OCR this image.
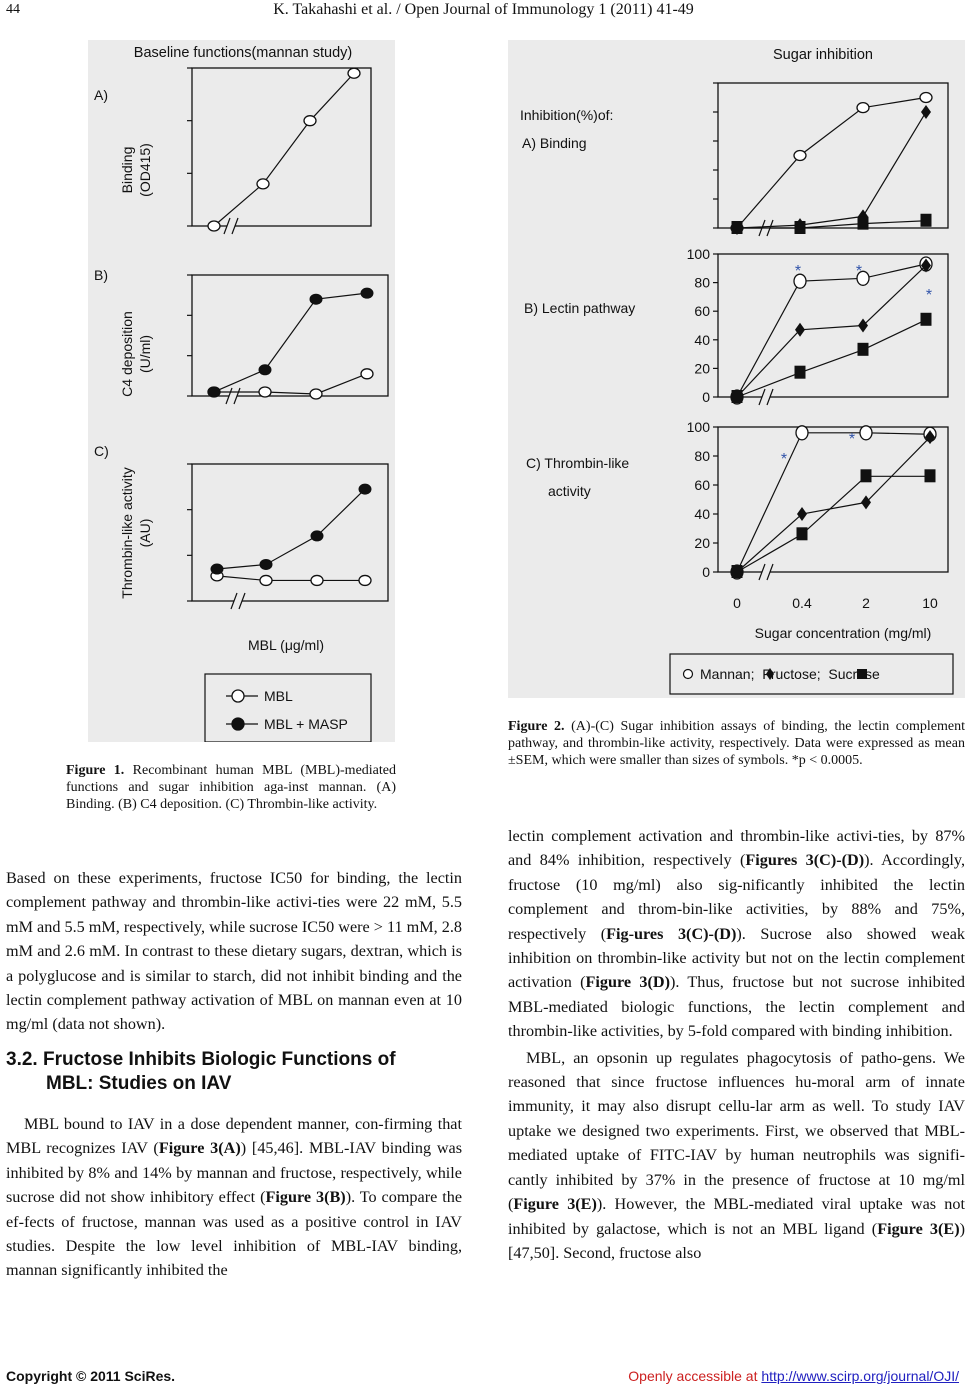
44	K. Takahashi et al. / Open Journal of Immunology 1 (2011) 41-49
Baseline functions(mannan study)
A)
B)
C)
Binding (OD415)
C4 deposition (U/ml)
Thrombin-like activity (AU)
MBL (μg/ml)
MBL
MBL + MASP
Figure 1. Recombinant human MBL (MBL)-mediated functions and sugar inhibition aga-inst mannan. (A) Binding. (B) C4 deposition. (C) Thrombin-like activity.
Sugar inhibition
Inhibition(%)of:
A) Binding
B) Lectin pathway
C) Thrombin-like
activity
Sugar concentration (mg/ml)
Mannan;  Fructose;  Sucrose
100
80
60
40
20
0
*	*
*
100
80
60
40
20
0
0	0.4	2	10
*
*
Figure 2. (A)-(C) Sugar inhibition assays of binding, the lectin complement pathway, and thrombin-like activity, respectively. Data were expressed as mean ±SEM, which were smaller than sizes of symbols. *p < 0.0005.

Based on these experiments, fructose IC50 for binding, the lectin complement pathway and thrombin-like activi-ties were 22 mM, 5.5 mM and 5.5 mM, respectively, while sucrose IC50 were > 11 mM, 2.8 mM and 2.6 mM. In contrast to these dietary sugars, dextran, which is a polyglucose and is similar to starch, did not inhibit binding and the lectin complement pathway activation of MBL on mannan even at 10 mg/ml (data not shown).

3.2. Fructose Inhibits Biologic Functions of
MBL: Studies on IAV

MBL bound to IAV in a dose dependent manner, con-firming that MBL recognizes IAV (Figure 3(A)) [45,46]. MBL-IAV binding was inhibited by 8% and 14% by mannan and fructose, respectively, while sucrose did not show inhibitory effect (Figure 3(B)). To compare the ef-fects of fructose, mannan was used as a positive control in IAV studies. Despite the low level inhibition of MBL-IAV binding, mannan significantly inhibited the

lectin complement activation and thrombin-like activi-ties, by 87% and 84% inhibition, respectively (Figures 3(C)-(D)). Accordingly, fructose (10 mg/ml) also sig-nificantly inhibited the lectin complement and throm-bin-like activities, by 88% and 75%, respectively (Fig-ures 3(C)-(D)). Sucrose also showed weak inhibition on thrombin-like activity but not on the lectin complement activation (Figure 3(D)). Thus, fructose but not sucrose inhibited MBL-mediated biologic functions, the lectin complement and thrombin-like activities, by 5-fold compared with binding inhibition.

MBL, an opsonin up regulates phagocytosis of patho-gens. We reasoned that since fructose influences hu-moral arm of innate immunity, it may also disrupt cellu-lar arm as well. To study IAV uptake we designed two experiments. First, we observed that MBL-mediated uptake of FITC-IAV by human neutrophils was signifi-cantly inhibited by 37% in the presence of fructose at 10 mg/ml (Figure 3(E)). However, the MBL-mediated viral uptake was not inhibited by galactose, which is not an MBL ligand (Figure 3(E)) [47,50]. Second, fructose also

Copyright © 2011 SciRes.	Openly accessible at http://www.scirp.org/journal/OJI/
